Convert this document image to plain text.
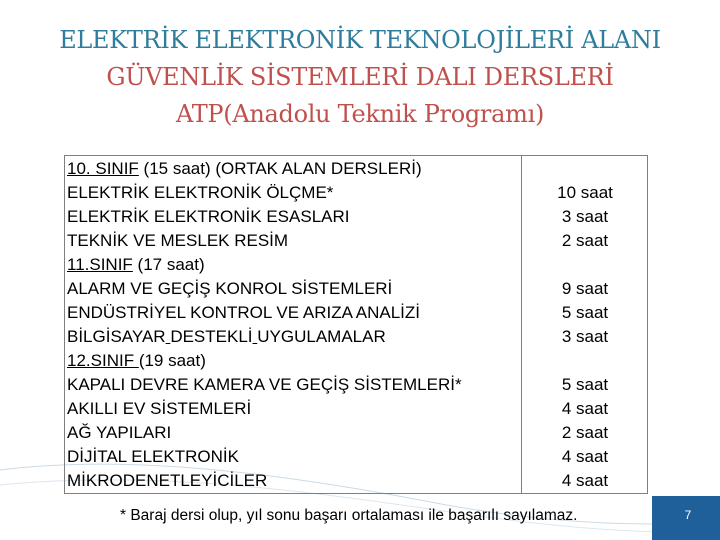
ELEKTRİK ELEKTRONİK TEKNOLOJİLERİ ALANI
GÜVENLİK SİSTEMLERİ DALI DERSLERİ
ATP(Anadolu Teknik Programı)
10. SINIF (15 saat) (ORTAK ALAN DERSLERİ)
ELEKTRİK ELEKTRONİK ÖLÇME*	10 saat
ELEKTRİK ELEKTRONİK ESASLARI	3 saat
TEKNİK VE MESLEK RESİM	2 saat
11.SINIF (17 saat)
ALARM VE GEÇİŞ KONROL SİSTEMLERİ	9 saat
ENDÜSTRİYEL KONTROL VE ARIZA ANALİZİ	5 saat
BİLGİSAYAR DESTEKLİ UYGULAMALAR	3 saat
12.SINIF (19 saat)
KAPALI DEVRE KAMERA VE GEÇİŞ SİSTEMLERİ*	5 saat
AKILLI EV SİSTEMLERİ	4 saat
AĞ YAPILARI	2 saat
DİJİTAL ELEKTRONİK	4 saat
MİKRODENETLEYİCİLER	4 saat
* Baraj dersi olup, yıl sonu başarı ortalaması ile başarılı sayılamaz.	7
